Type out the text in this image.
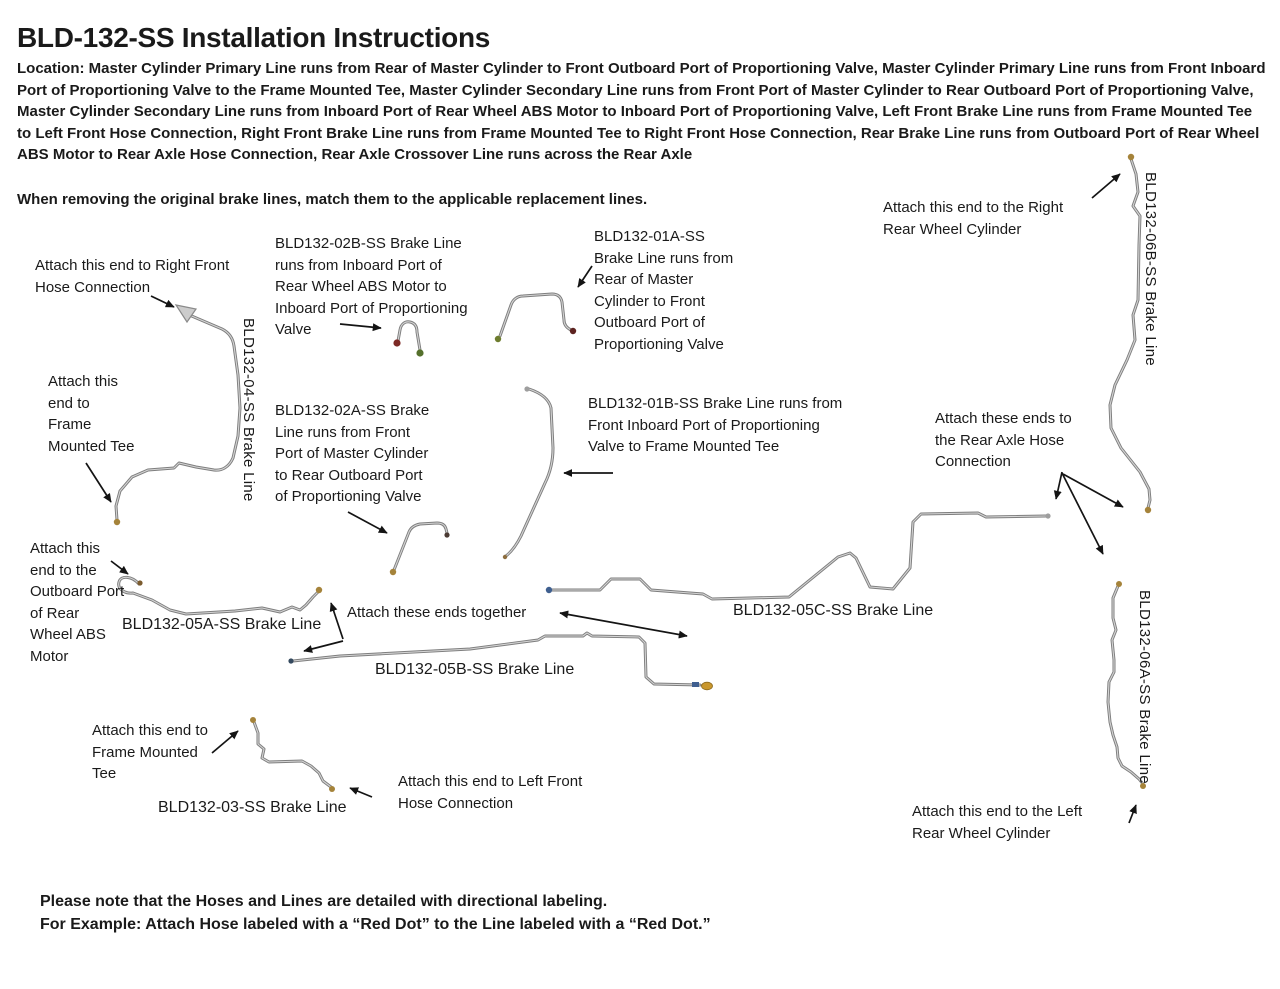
BLD-132-SS Installation Instructions
Location: Master Cylinder Primary Line runs from Rear of Master Cylinder to Front Outboard Port of Proportioning Valve, Master Cylinder Primary Line runs from Front Inboard Port of Proportioning Valve to the Frame Mounted Tee, Master Cylinder Secondary Line runs from Front Port of Master Cylinder to Rear Outboard Port of Proportioning Valve, Master Cylinder Secondary Line runs from Inboard Port of Rear Wheel ABS Motor to Inboard Port of Proportioning Valve, Left Front Brake Line runs from Frame Mounted Tee to Left Front Hose Connection, Right Front Brake Line runs from Frame Mounted Tee to Right Front Hose Connection, Rear Brake Line runs from Outboard Port of Rear Wheel ABS Motor to Rear Axle Hose Connection, Rear Axle Crossover Line runs across the Rear Axle
When removing the original brake lines, match them to the applicable replacement lines.
Attach this end to Right Front Hose Connection
BLD132-02B-SS Brake Line runs from Inboard Port of Rear Wheel ABS Motor to Inboard Port of Proportioning Valve
BLD132-01A-SS Brake Line runs from Rear of Master Cylinder to Front Outboard Port of Proportioning Valve
Attach this end to the Right Rear Wheel Cylinder
Attach this end to Frame Mounted Tee
BLD132-02A-SS Brake Line runs from Front Port of Master Cylinder to Rear Outboard Port of Proportioning Valve
BLD132-01B-SS Brake Line runs from Front Inboard Port of Proportioning Valve to Frame Mounted Tee
Attach these ends to the Rear Axle Hose Connection
Attach this end to the Outboard Port of Rear Wheel ABS Motor
BLD132-05A-SS Brake Line
Attach these ends together	BLD132-05C-SS Brake Line
BLD132-05B-SS Brake Line
Attach this end to Frame Mounted Tee
BLD132-03-SS Brake Line
Attach this end to Left Front Hose Connection	Attach this end to the Left Rear Wheel Cylinder
BLD132-04-SS Brake Line
BLD132-06B-SS Brake Line
BLD132-06A-SS Brake Line
Please note that the Hoses and Lines are detailed with directional labeling.
For Example: Attach Hose labeled with a “Red Dot” to the Line labeled with a “Red Dot.”
